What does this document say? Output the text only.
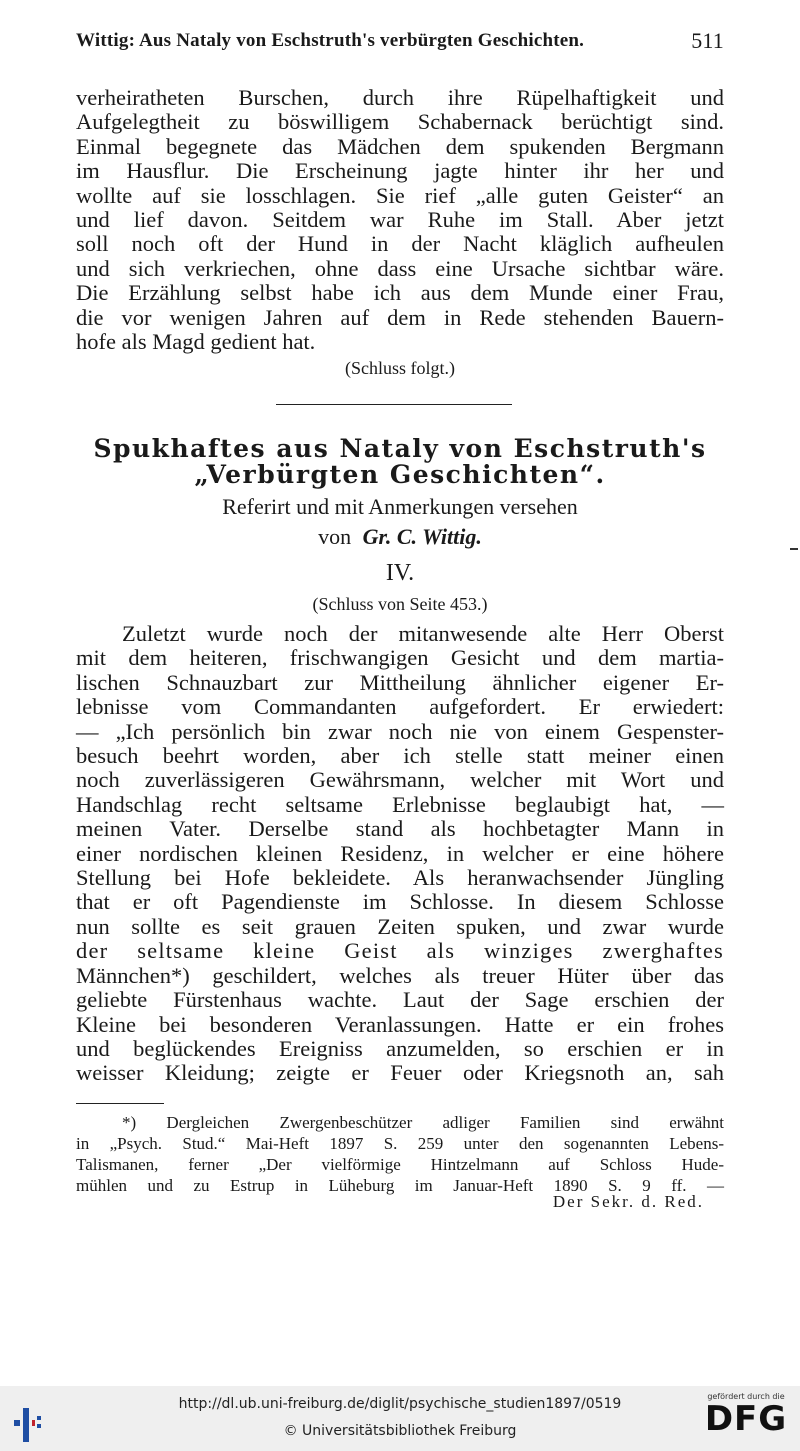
Wittig: Aus Nataly von Eschstruth's verbürgten Geschichten.	511
verheiratheten Burschen, durch ihre Rüpelhaftigkeit und
Aufgelegtheit zu böswilligem Schabernack berüchtigt sind.
Einmal begegnete das Mädchen dem spukenden Bergmann
im Hausflur. Die Erscheinung jagte hinter ihr her und
wollte auf sie losschlagen. Sie rief „alle guten Geister“ an
und lief davon. Seitdem war Ruhe im Stall. Aber jetzt
soll noch oft der Hund in der Nacht kläglich aufheulen
und sich verkriechen, ohne dass eine Ursache sichtbar wäre.
Die Erzählung selbst habe ich aus dem Munde einer Frau,
die vor wenigen Jahren auf dem in Rede stehenden Bauern-
hofe als Magd gedient hat.
(Schluss folgt.)
Spukhaftes aus Nataly von Eschstruth's
„Verbürgten Geschichten“.
Referirt und mit Anmerkungen versehen
von Gr. C. Wittig.
IV.
(Schluss von Seite 453.)
Zuletzt wurde noch der mitanwesende alte Herr Oberst
mit dem heiteren, frischwangigen Gesicht und dem martia-
lischen Schnauzbart zur Mittheilung ähnlicher eigener Er-
lebnisse vom Commandanten aufgefordert. Er erwiedert:
— „Ich persönlich bin zwar noch nie von einem Gespenster-
besuch beehrt worden, aber ich stelle statt meiner einen
noch zuverlässigeren Gewährsmann, welcher mit Wort und
Handschlag recht seltsame Erlebnisse beglaubigt hat, —
meinen Vater. Derselbe stand als hochbetagter Mann in
einer nordischen kleinen Residenz, in welcher er eine höhere
Stellung bei Hofe bekleidete. Als heranwachsender Jüngling
that er oft Pagendienste im Schlosse. In diesem Schlosse
nun sollte es seit grauen Zeiten spuken, und zwar wurde
der seltsame kleine Geist als winziges zwerghaftes
Männchen*) geschildert, welches als treuer Hüter über das
geliebte Fürstenhaus wachte. Laut der Sage erschien der
Kleine bei besonderen Veranlassungen. Hatte er ein frohes
und beglückendes Ereigniss anzumelden, so erschien er in
weisser Kleidung; zeigte er Feuer oder Kriegsnoth an, sah
*) Dergleichen Zwergenbeschützer adliger Familien sind erwähnt
in „Psych. Stud.“ Mai-Heft 1897 S. 259 unter den sogenannten Lebens-
Talismanen, ferner „Der vielförmige Hintzelmann auf Schloss Hude-
mühlen und zu Estrup in Lüheburg im Januar-Heft 1890 S. 9 ff. —
Der Sekr. d. Red.
http://dl.ub.uni-freiburg.de/diglit/psychische_studien1897/0519
© Universitätsbibliothek Freiburg
gefördert durch die
DFG
